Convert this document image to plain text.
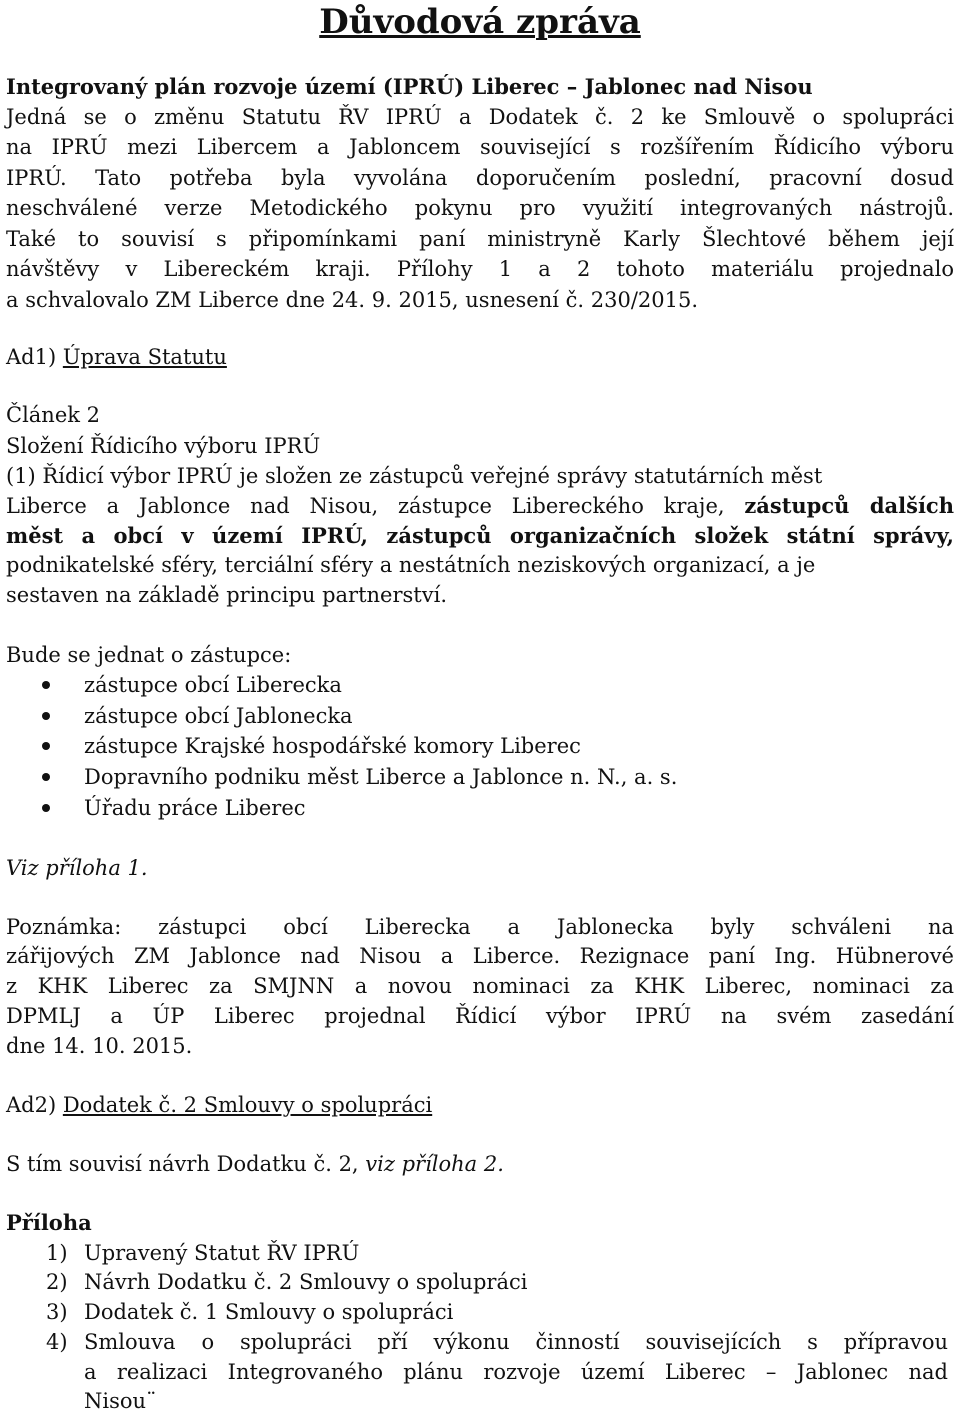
Důvodová zpráva
Integrovaný plán rozvoje území (IPRÚ) Liberec – Jablonec nad Nisou
Jedná se o změnu Statutu ŘV IPRÚ a Dodatek č. 2 ke Smlouvě o spolupráci
na IPRÚ mezi Libercem a Jabloncem související s rozšířením Řídicího výboru
IPRÚ. Tato potřeba byla vyvolána doporučením poslední, pracovní dosud
neschválené verze Metodického pokynu pro využití integrovaných nástrojů.
Také to souvisí s připomínkami paní ministryně Karly Šlechtové během její
návštěvy v Libereckém kraji. Přílohy 1 a 2 tohoto materiálu projednalo
a schvalovalo ZM Liberce dne 24. 9. 2015, usnesení č. 230/2015.
Ad1) Úprava Statutu
Článek 2
Složení Řídicího výboru IPRÚ
(1) Řídicí výbor IPRÚ je složen ze zástupců veřejné správy statutárních měst
Liberce a Jablonce nad Nisou, zástupce Libereckého kraje, zástupců dalších
měst a obcí v území IPRÚ, zástupců organizačních složek státní správy,
podnikatelské sféry, terciální sféry a nestátních neziskových organizací, a je
sestaven na základě principu partnerství.
Bude se jednat o zástupce:
zástupce obcí Liberecka
zástupce obcí Jablonecka
zástupce Krajské hospodářské komory Liberec
Dopravního podniku měst Liberce a Jablonce n. N., a. s.
Úřadu práce Liberec
Viz příloha 1.
Poznámka: zástupci obcí Liberecka a Jablonecka byly schváleni na
zářijových ZM Jablonce nad Nisou a Liberce. Rezignace paní Ing. Hübnerové
z KHK Liberec za SMJNN a novou nominaci za KHK Liberec, nominaci za
DPMLJ a ÚP Liberec projednal Řídicí výbor IPRÚ na svém zasedání
dne 14. 10. 2015.
Ad2) Dodatek č. 2 Smlouvy o spolupráci
S tím souvisí návrh Dodatku č. 2, viz příloha 2.
Příloha
1) Upravený Statut ŘV IPRÚ
2) Návrh Dodatku č. 2 Smlouvy o spolupráci
3) Dodatek č. 1 Smlouvy o spolupráci
4) Smlouva o spolupráci pří výkonu činností souvisejících s přípravou
a realizaci Integrovaného plánu rozvoje území Liberec – Jablonec nad
Nisou¨
